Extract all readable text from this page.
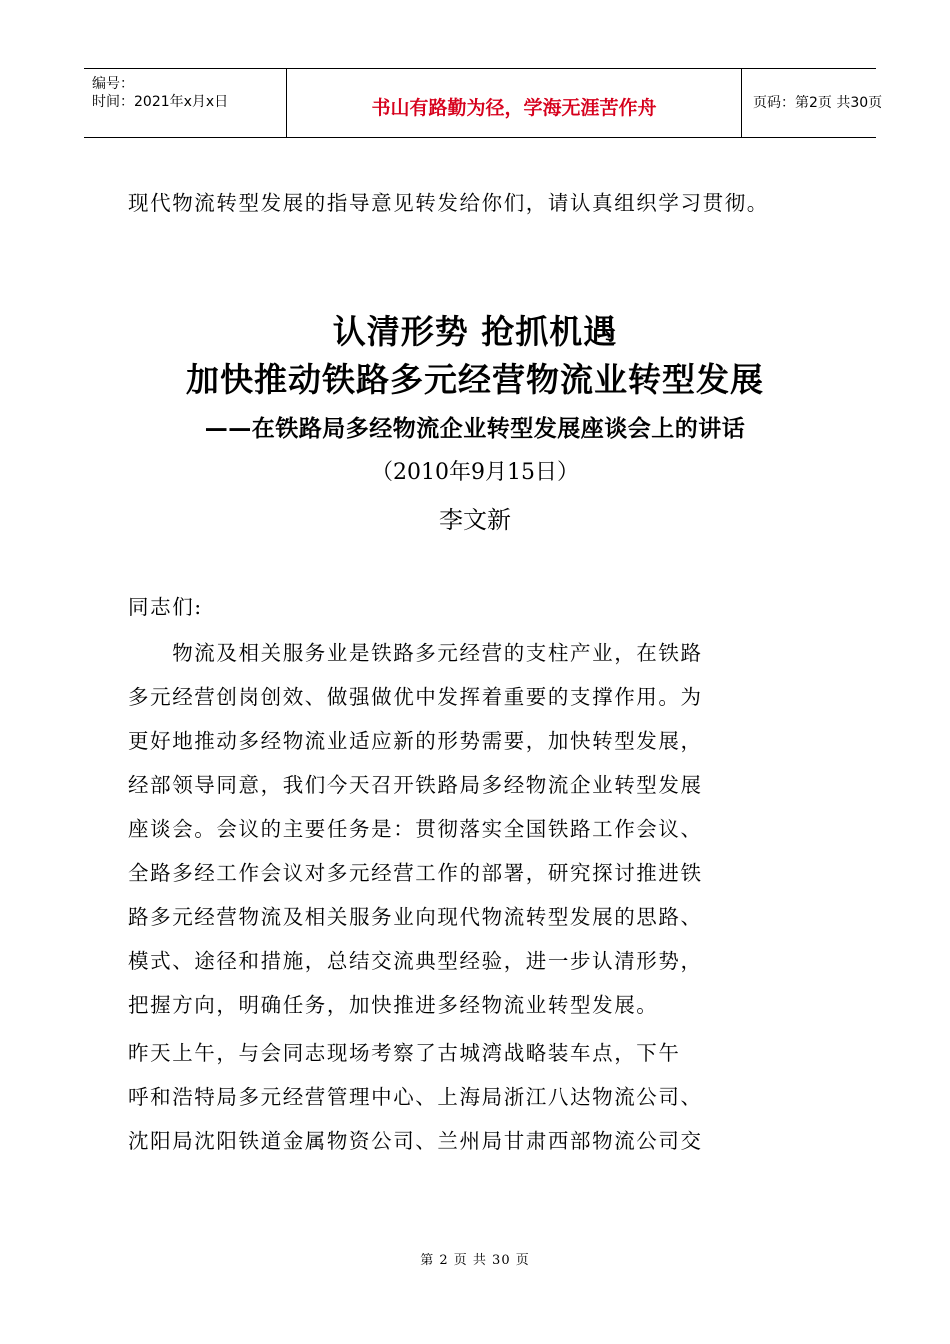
编号：
时间：2021年x月x日	书山有路勤为径，学海无涯苦作舟	页码：第2页 共30页
现代物流转型发展的指导意见转发给你们，请认真组织学习贯彻。
认清形势 抢抓机遇
加快推动铁路多元经营物流业转型发展
——在铁路局多经物流企业转型发展座谈会上的讲话
（2010年9月15日）
李文新
同志们:
　　物流及相关服务业是铁路多元经营的支柱产业，在铁路
多元经营创岗创效、做强做优中发挥着重要的支撑作用。为
更好地推动多经物流业适应新的形势需要，加快转型发展，
经部领导同意，我们今天召开铁路局多经物流企业转型发展
座谈会。会议的主要任务是：贯彻落实全国铁路工作会议、
全路多经工作会议对多元经营工作的部署，研究探讨推进铁
路多元经营物流及相关服务业向现代物流转型发展的思路、
模式、途径和措施，总结交流典型经验，进一步认清形势，
把握方向，明确任务，加快推进多经物流业转型发展。
昨天上午，与会同志现场考察了古城湾战略装车点，下午
呼和浩特局多元经营管理中心、上海局浙江八达物流公司、
沈阳局沈阳铁道金属物资公司、兰州局甘肃西部物流公司交
第 2 页 共 30 页
